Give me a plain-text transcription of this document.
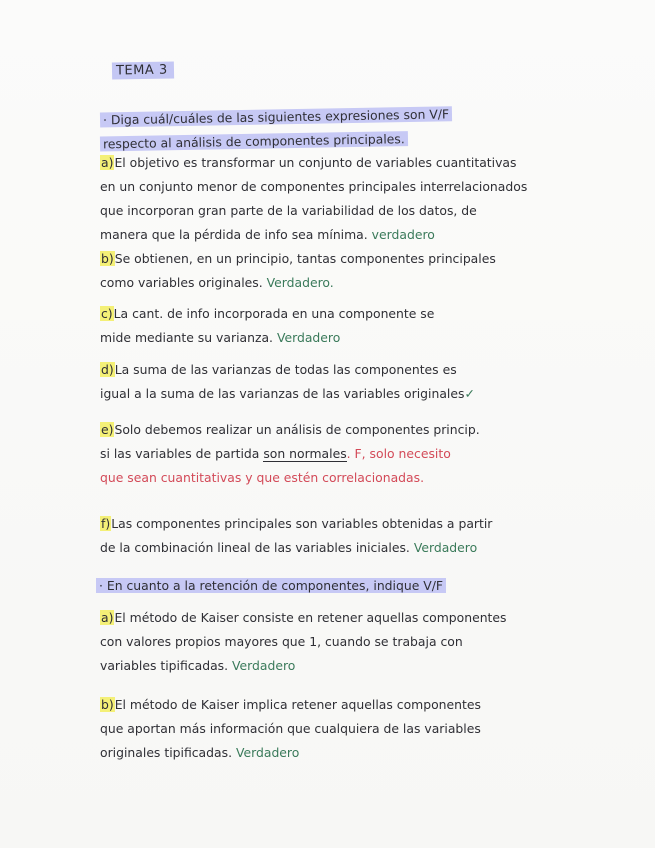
TEMA 3
· Diga cuál/cuáles de las siguientes expresiones son V/F
respecto al análisis de componentes principales.
a)El objetivo es transformar un conjunto de variables cuantitativas
en un conjunto menor de componentes principales interrelacionados
que incorporan gran parte de la variabilidad de los datos, de
manera que la pérdida de info sea mínima. verdadero
b)Se obtienen, en un principio, tantas componentes principales
como variables originales. Verdadero.
c)La cant. de info incorporada en una componente se
mide mediante su varianza. Verdadero
d)La suma de las varianzas de todas las componentes es
igual a la suma de las varianzas de las variables originales✓
e)Solo debemos realizar un análisis de componentes princip.
si las variables de partida son normales. F, solo necesito
que sean cuantitativas y que estén correlacionadas.
f)Las componentes principales son variables obtenidas a partir
de la combinación lineal de las variables iniciales. Verdadero
· En cuanto a la retención de componentes, indique V/F
a)El método de Kaiser consiste en retener aquellas componentes
con valores propios mayores que 1, cuando se trabaja con
variables tipificadas. Verdadero
b)El método de Kaiser implica retener aquellas componentes
que aportan más información que cualquiera de las variables
originales tipificadas. Verdadero
